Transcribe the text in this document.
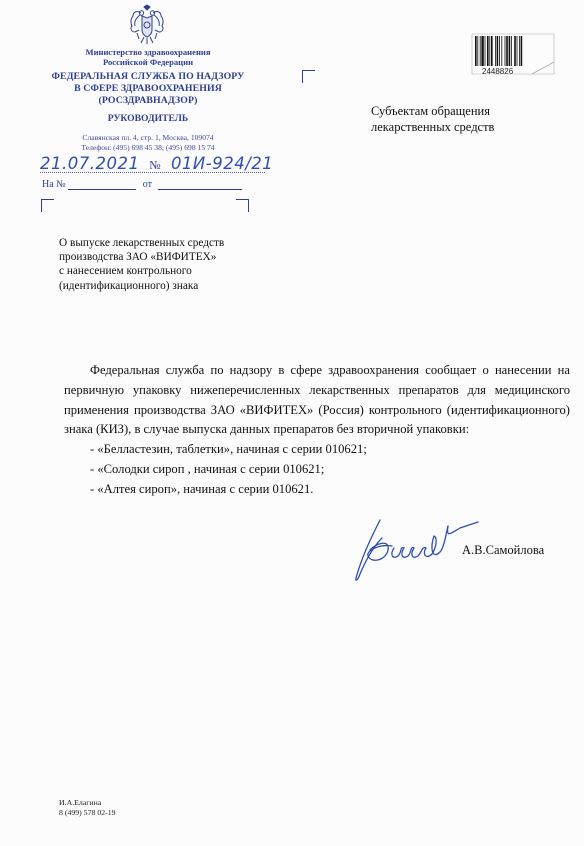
Министерство здравоохранения
Российской Федерации
ФЕДЕРАЛЬНАЯ СЛУЖБА ПО НАДЗОРУ
В СФЕРЕ ЗДРАВООХРАНЕНИЯ
(РОСЗДРАВНАДЗОР)
РУКОВОДИТЕЛЬ
Славянская пл. 4, стр. 1, Москва, 109074
Телефон: (495) 698 45 38; (495) 698 15 74
21.07.2021 № 01И-924/21
На №	от
2448826
Субъектам обращения
лекарственных средств
О выпуске лекарственных средств
производства ЗАО «ВИФИТЕХ»
с нанесением контрольного
(идентификационного) знака
Федеральная служба по надзору в сфере здравоохранения сообщает о нанесении на первичную упаковку нижеперечисленных лекарственных препаратов для медицинского применения производства ЗАО «ВИФИТЕХ» (Россия) контрольного (идентификационного) знака (КИЗ), в случае выпуска данных препаратов без вторичной упаковки:
- «Белластезин, таблетки», начиная с серии 010621;
- «Солодки сироп , начиная с серии 010621;
- «Алтея сироп», начиная с серии 010621.
А.В.Самойлова
И.А.Елагина
8 (499) 578 02-19
